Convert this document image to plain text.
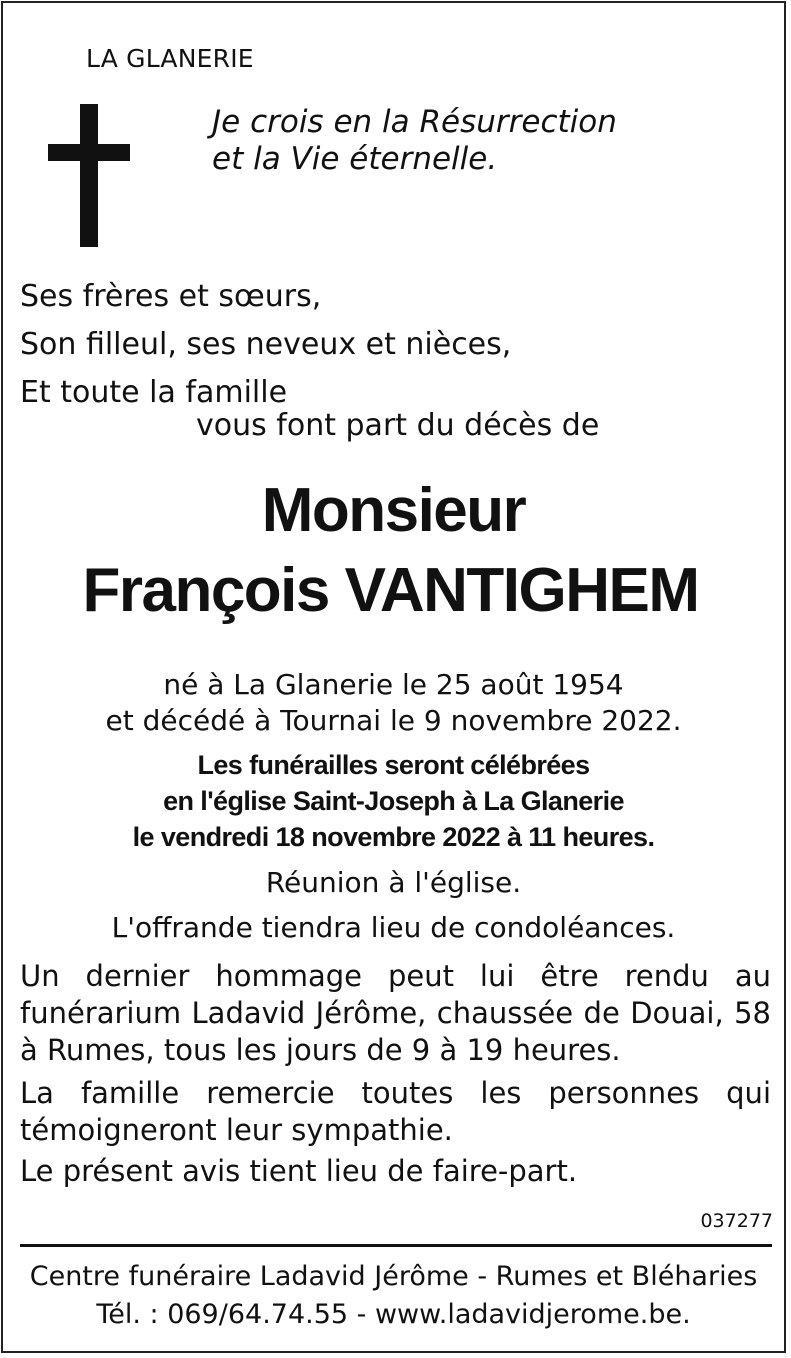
LA GLANERIE
Je crois en la Résurrection
et la Vie éternelle.
Ses frères et sœurs,
Son filleul, ses neveux et nièces,
Et toute la famille
vous font part du décès de
Monsieur
François VANTIGHEM
né à La Glanerie le 25 août 1954
et décédé à Tournai le 9 novembre 2022.
Les funérailles seront célébrées
en l'église Saint-Joseph à La Glanerie
le vendredi 18 novembre 2022 à 11 heures.
Réunion à l'église.
L'offrande tiendra lieu de condoléances.
Un dernier hommage peut lui être rendu au funérarium Ladavid Jérôme, chaussée de Douai, 58 à Rumes, tous les jours de 9 à 19 heures.
La famille remercie toutes les personnes qui témoigneront leur sympathie.
Le présent avis tient lieu de faire-part.
037277
Centre funéraire Ladavid Jérôme - Rumes et Bléharies
Tél. : 069/64.74.55 - www.ladavidjerome.be.
